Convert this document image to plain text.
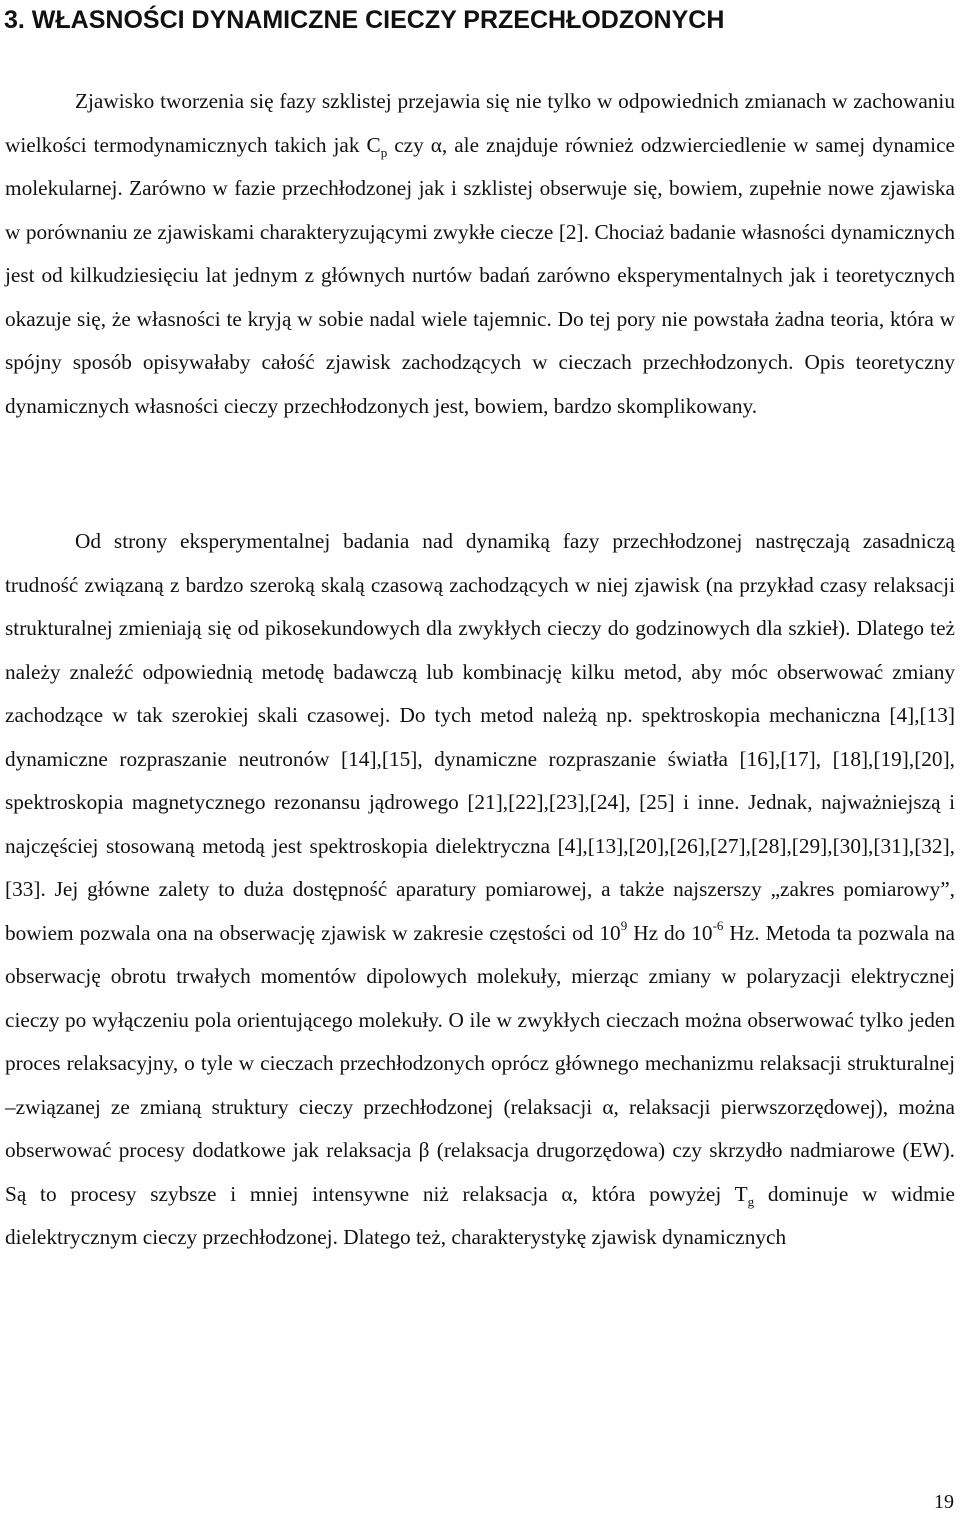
3. WŁASNOŚCI DYNAMICZNE CIECZY PRZECHŁODZONYCH

Zjawisko tworzenia się fazy szklistej przejawia się nie tylko w odpowiednich zmianach w zachowaniu wielkości termodynamicznych takich jak $C_p$ czy α, ale znajduje również odzwierciedlenie w samej dynamice molekularnej. Zarówno w fazie przechłodzonej jak i szklistej obserwuje się, bowiem, zupełnie nowe zjawiska w porównaniu ze zjawiskami charakteryzującymi zwykłe ciecze [2]. Chociaż badanie własności dynamicznych jest od kilkudziesięciu lat jednym z głównych nurtów badań zarówno eksperymentalnych jak i teoretycznych okazuje się, że własności te kryją w sobie nadal wiele tajemnic. Do tej pory nie powstała żadna teoria, która w spójny sposób opisywałaby całość zjawisk zachodzących w cieczach przechłodzonych. Opis teoretyczny dynamicznych własności cieczy przechłodzonych jest, bowiem, bardzo skomplikowany.

Od strony eksperymentalnej badania nad dynamiką fazy przechłodzonej nastręczają zasadniczą trudność związaną z bardzo szeroką skalą czasową zachodzących w niej zjawisk (na przykład czasy relaksacji strukturalnej zmieniają się od pikosekundowych dla zwykłych cieczy do godzinowych dla szkieł). Dlatego też należy znaleźć odpowiednią metodę badawczą lub kombinację kilku metod, aby móc obserwować zmiany zachodzące w tak szerokiej skali czasowej. Do tych metod należą np. spektroskopia mechaniczna [4],[13] dynamiczne rozpraszanie neutronów [14],[15], dynamiczne rozpraszanie światła [16],[17], [18],[19],[20], spektroskopia magnetycznego rezonansu jądrowego [21],[22],[23],[24], [25] i inne. Jednak, najważniejszą i najczęściej stosowaną metodą jest spektroskopia dielektryczna [4],[13],[20],[26],[27],[28],[29],[30],[31],[32],[33]. Jej główne zalety to duża dostępność aparatury pomiarowej, a także najszerszy „zakres pomiarowy”, bowiem pozwala ona na obserwację zjawisk w zakresie częstości od $10^9$ Hz do $10^{-6}$ Hz. Metoda ta pozwala na obserwację obrotu trwałych momentów dipolowych molekuły, mierząc zmiany w polaryzacji elektrycznej cieczy po wyłączeniu pola orientującego molekuły. O ile w zwykłych cieczach można obserwować tylko jeden proces relaksacyjny, o tyle w cieczach przechłodzonych oprócz głównego mechanizmu relaksacji strukturalnej –związanej ze zmianą struktury cieczy przechłodzonej (relaksacji α, relaksacji pierwszorzędowej), można obserwować procesy dodatkowe jak relaksacja β (relaksacja drugorzędowa) czy skrzydło nadmiarowe (EW). Są to procesy szybsze i mniej intensywne niż relaksacja α, która powyżej $T_g$ dominuje w widmie dielektrycznym cieczy przechłodzonej. Dlatego też, charakterystykę zjawisk dynamicznych

19
